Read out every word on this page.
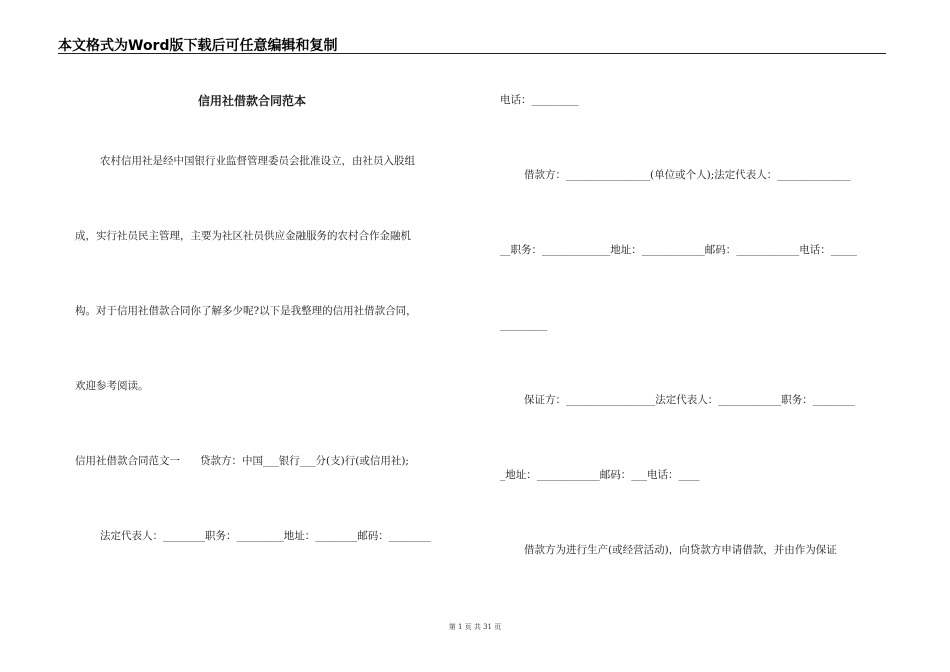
本文格式为Word版下载后可任意编辑和复制
信用社借款合同范本
农村信用社是经中国银行业监督管理委员会批准设立，由社员入股组
成，实行社员民主管理，主要为社区社员供应金融服务的农村合作金融机
构。对于信用社借款合同你了解多少呢?以下是我整理的信用社借款合同，
欢迎参考阅读。
信用社借款合同范文一      贷款方：中国___银行___分(支)行(或信用社);
法定代表人：________职务：_________地址：________邮码：________
电话：_________
借款方：________________(单位或个人);法定代表人：______________
__职务：_____________地址：____________邮码：____________电话：_____
_________
保证方：_________________法定代表人：____________职务：________
_地址：____________邮码：___电话：____
借款方为进行生产(或经营活动)，向贷款方申请借款，并由作为保证
第 1 页 共 31 页
